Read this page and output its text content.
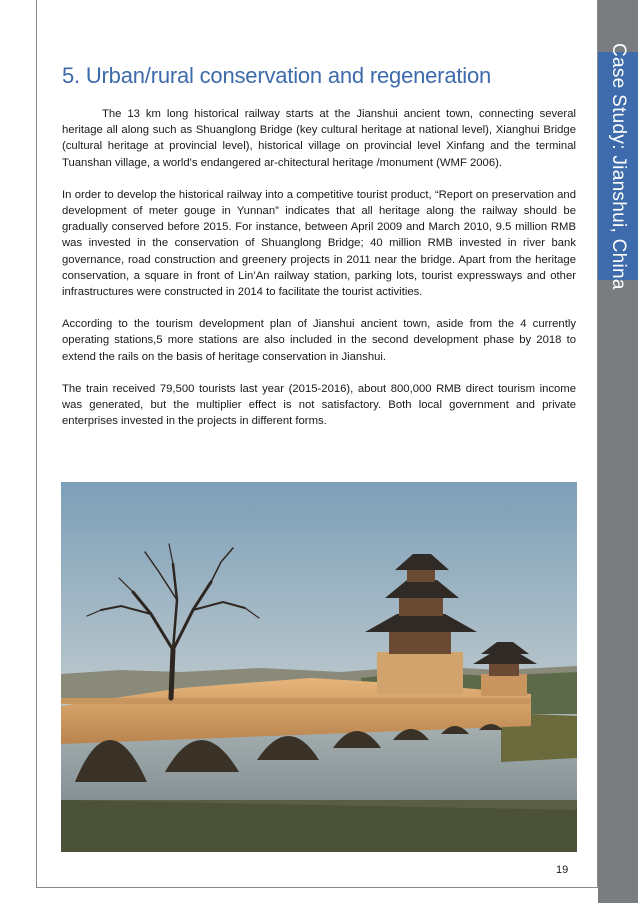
Case Study: Jianshui, China
5. Urban/rural conservation and regeneration

The 13 km long historical railway starts at the Jianshui ancient town, connecting several heritage all along such as Shuanglong Bridge (key cultural heritage at national level), Xianghui Bridge (cultural heritage at provincial level), historical village on provincial level Xinfang and the terminal Tuanshan village, a world's endangered ar-chitectural heritage /monument (WMF 2006).

In order to develop the historical railway into a competitive tourist product, “Report on preservation and development of meter gouge in Yunnan” indicates that all heritage along the railway should be gradually conserved before 2015. For instance, between April 2009 and March 2010, 9.5 million RMB was invested in the conservation of Shuanglong Bridge; 40 million RMB invested in river bank governance, road construction and greenery projects in 2011 near the bridge. Apart from the heritage conservation, a square in front of Lin’An railway station, parking lots, tourist expressways and other infrastructures were constructed in 2014 to facilitate the tourist activities.

According to the tourism development plan of Jianshui ancient town, aside from the 4 currently operating stations,5 more stations are also included in the second development phase by 2018 to extend the rails on the basis of heritage conservation in Jianshui.

The train received 79,500 tourists last year (2015-2016), about 800,000 RMB direct tourism income was generated, but the multiplier effect is not satisfactory. Both local government and private enterprises invested in the projects in different forms.

19
